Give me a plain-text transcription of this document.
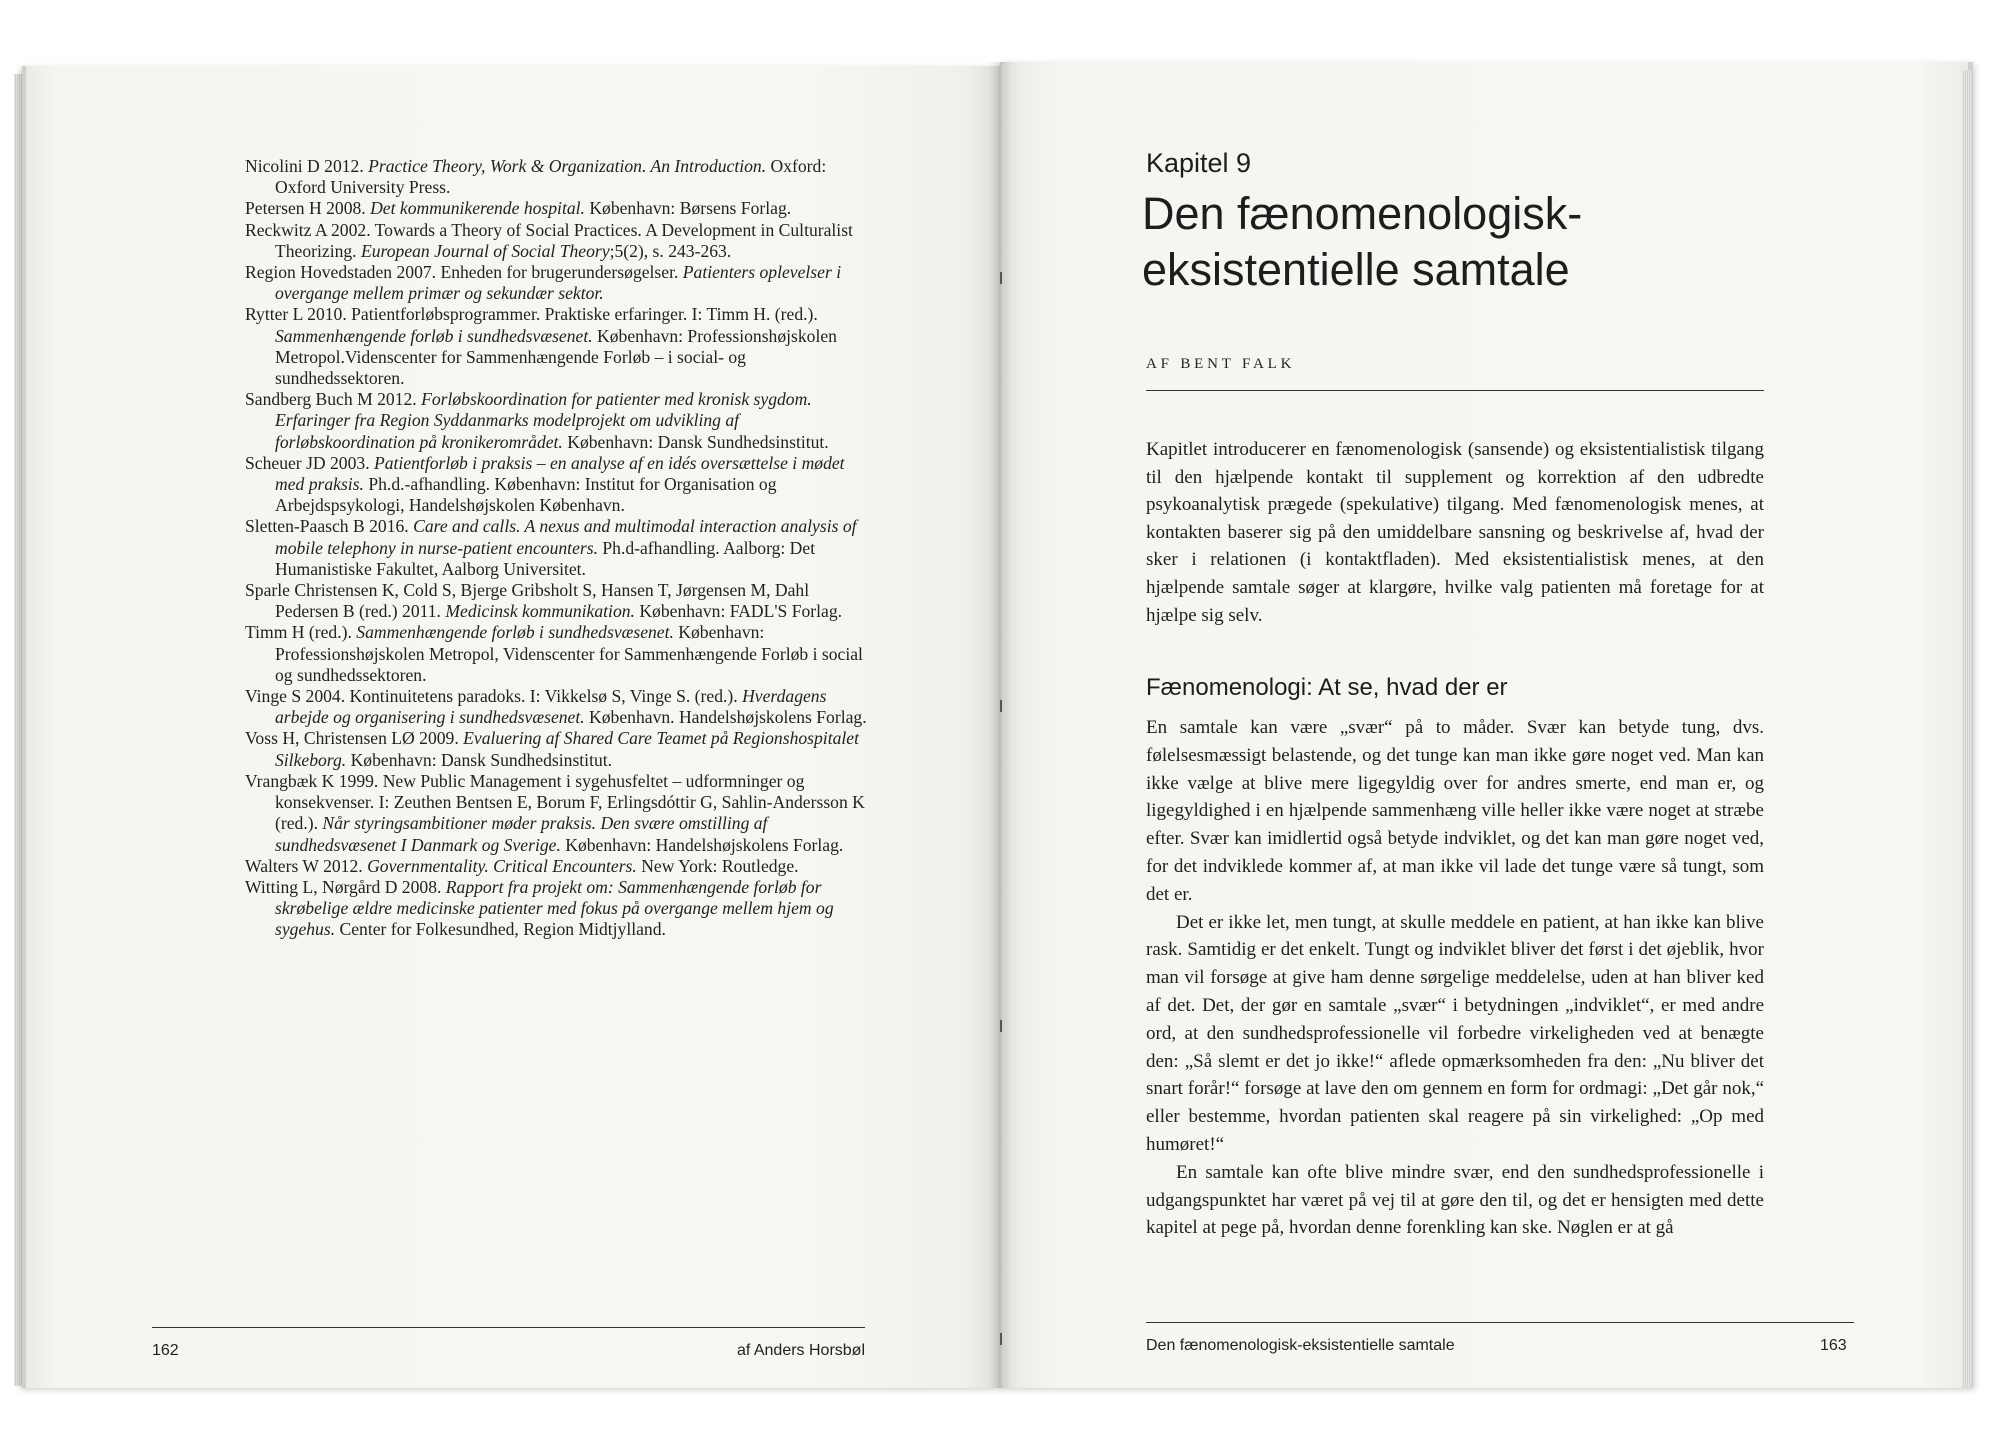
Nicolini D 2012. Practice Theory, Work & Organization. An Introduction. Oxford: Oxford University Press.

Petersen H 2008. Det kommunikerende hospital. København: Børsens Forlag.

Reckwitz A 2002. Towards a Theory of Social Practices. A Development in Culturalist Theorizing. European Journal of Social Theory;5(2), s. 243-263.

Region Hovedstaden 2007. Enheden for brugerundersøgelser. Patienters oplevelser i overgange mellem primær og sekundær sektor.

Rytter L 2010. Patientforløbsprogrammer. Praktiske erfaringer. I: Timm H. (red.). Sammenhængende forløb i sundhedsvæsenet. København: Professionshøjskolen Metropol.Videnscenter for Sammenhængende Forløb – i social- og sundhedssektoren.

Sandberg Buch M 2012. Forløbskoordination for patienter med kronisk sygdom. Erfaringer fra Region Syddanmarks modelprojekt om udvikling af forløbskoordination på kronikerområdet. København: Dansk Sundhedsinstitut.

Scheuer JD 2003. Patientforløb i praksis – en analyse af en idés oversættelse i mødet med praksis. Ph.d.-afhandling. København: Institut for Organisation og Arbejdspsykologi, Handelshøjskolen København.

Sletten-Paasch B 2016. Care and calls. A nexus and multimodal interaction analysis of mobile telephony in nurse-patient encounters. Ph.d-afhandling. Aalborg: Det Humanistiske Fakultet, Aalborg Universitet.

Sparle Christensen K, Cold S, Bjerge Gribsholt S, Hansen T, Jørgensen M, Dahl Pedersen B (red.) 2011. Medicinsk kommunikation. København: FADL'S Forlag.

Timm H (red.). Sammenhængende forløb i sundhedsvæsenet. København: Professionshøjskolen Metropol, Videnscenter for Sammenhængende Forløb i social og sundhedssektoren.

Vinge S 2004. Kontinuitetens paradoks. I: Vikkelsø S, Vinge S. (red.). Hverdagens arbejde og organisering i sundhedsvæsenet. København. Handelshøjskolens Forlag.

Voss H, Christensen LØ 2009. Evaluering af Shared Care Teamet på Regionshospitalet Silkeborg. København: Dansk Sundhedsinstitut.

Vrangbæk K 1999. New Public Management i sygehusfeltet – udformninger og konsekvenser. I: Zeuthen Bentsen E, Borum F, Erlingsdóttir G, Sahlin-Andersson K (red.). Når styringsambitioner møder praksis. Den svære omstilling af sundhedsvæsenet I Danmark og Sverige. København: Handelshøjskolens Forlag.

Walters W 2012. Governmentality. Critical Encounters. New York: Routledge.

Witting L, Nørgård D 2008. Rapport fra projekt om: Sammenhængende forløb for skrøbelige ældre medicinske patienter med fokus på overgange mellem hjem og sygehus. Center for Folkesundhed, Region Midtjylland.

162	af Anders Horsbøl
Kapitel 9
Den fænomenologisk-eksistentielle samtale
AF BENT FALK

Kapitlet introducerer en fænomenologisk (sansende) og eksistentialistisk tilgang til den hjælpende kontakt til supplement og korrektion af den udbredte psykoanalytisk prægede (spekulative) tilgang. Med fænomenologisk menes, at kontakten baserer sig på den umiddelbare sansning og beskrivelse af, hvad der sker i relationen (i kontaktfladen). Med eksistentialistisk menes, at den hjælpende samtale søger at klargøre, hvilke valg patienten må foretage for at hjælpe sig selv.

Fænomenologi: At se, hvad der er

En samtale kan være „svær“ på to måder. Svær kan betyde tung, dvs. følelsesmæssigt belastende, og det tunge kan man ikke gøre noget ved. Man kan ikke vælge at blive mere ligegyldig over for andres smerte, end man er, og ligegyldighed i en hjælpende sammenhæng ville heller ikke være noget at stræbe efter. Svær kan imidlertid også betyde indviklet, og det kan man gøre noget ved, for det indviklede kommer af, at man ikke vil lade det tunge være så tungt, som det er.

Det er ikke let, men tungt, at skulle meddele en patient, at han ikke kan blive rask. Samtidig er det enkelt. Tungt og indviklet bliver det først i det øjeblik, hvor man vil forsøge at give ham denne sørgelige meddelelse, uden at han bliver ked af det. Det, der gør en samtale „svær“ i betydningen „indviklet“, er med andre ord, at den sundhedsprofessionelle vil forbedre virkeligheden ved at benægte den: „Så slemt er det jo ikke!“ aflede opmærksomheden fra den: „Nu bliver det snart forår!“ forsøge at lave den om gennem en form for ordmagi: „Det går nok,“ eller bestemme, hvordan patienten skal reagere på sin virkelighed: „Op med humøret!“

En samtale kan ofte blive mindre svær, end den sundhedsprofessionelle i udgangspunktet har været på vej til at gøre den til, og det er hensigten med dette kapitel at pege på, hvordan denne forenkling kan ske. Nøglen er at gå

Den fænomenologisk-eksistentielle samtale	163
